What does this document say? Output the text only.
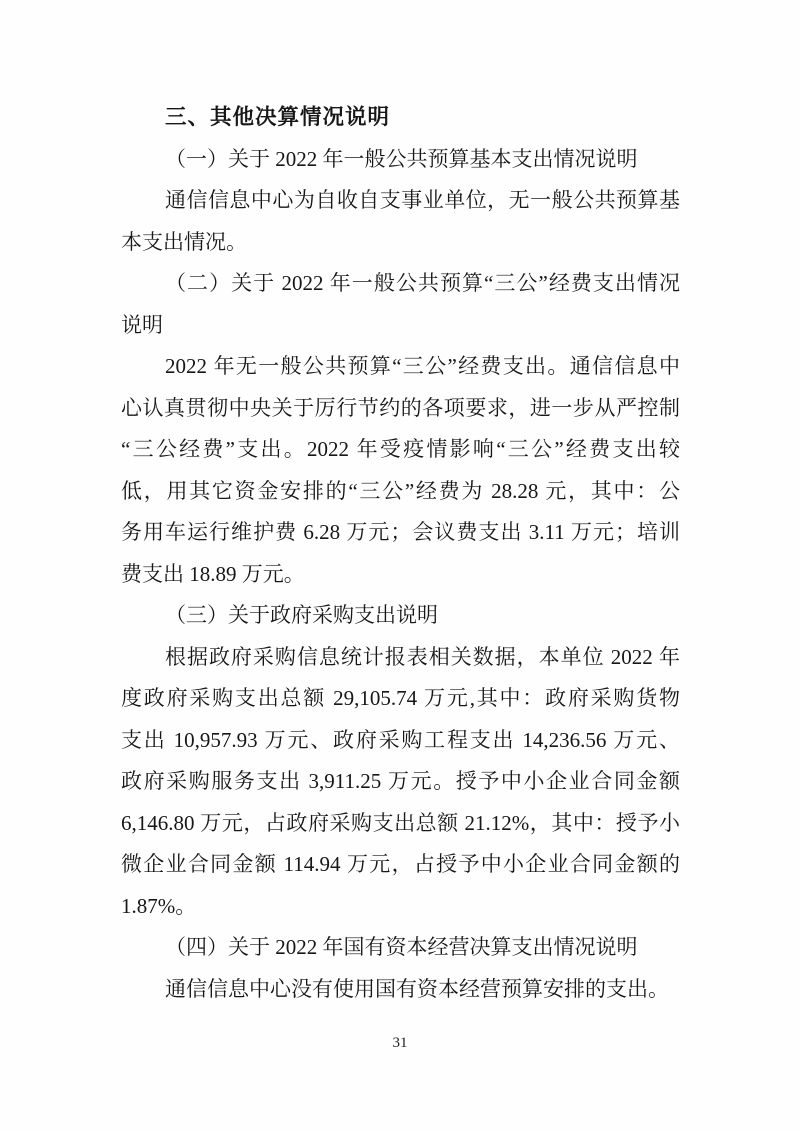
三、其他决算情况说明
（一）关于 2022 年一般公共预算基本支出情况说明
通信信息中心为自收自支事业单位，无一般公共预算基
本支出情况。
（二）关于 2022 年一般公共预算“三公”经费支出情况
说明
2022 年无一般公共预算“三公”经费支出。通信信息中
心认真贯彻中央关于厉行节约的各项要求，进一步从严控制
“三公经费”支出。2022 年受疫情影响“三公”经费支出较
低，用其它资金安排的“三公”经费为 28.28 元，其中：公
务用车运行维护费 6.28 万元；会议费支出 3.11 万元；培训
费支出 18.89 万元。
（三）关于政府采购支出说明
根据政府采购信息统计报表相关数据，本单位 2022 年
度政府采购支出总额 29,105.74 万元,其中：政府采购货物
支出 10,957.93 万元、政府采购工程支出 14,236.56 万元、
政府采购服务支出 3,911.25 万元。授予中小企业合同金额
6,146.80 万元，占政府采购支出总额 21.12%，其中：授予小
微企业合同金额 114.94 万元，占授予中小企业合同金额的
1.87%。
（四）关于 2022 年国有资本经营决算支出情况说明
通信信息中心没有使用国有资本经营预算安排的支出。
31
